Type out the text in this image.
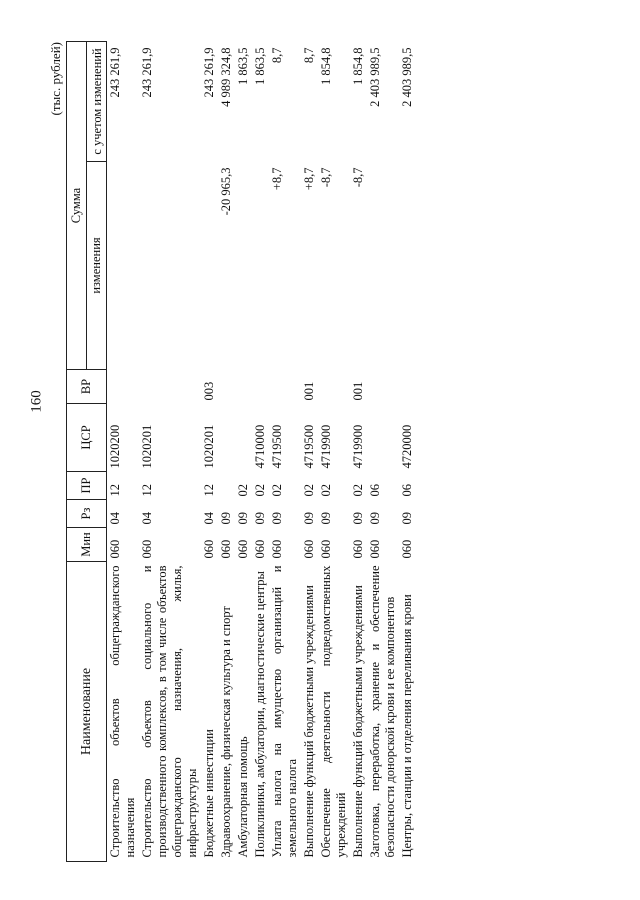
160
(тыс. рублей)
Наименование	Мин	Рз	ПР	ЦСР	ВР	Сумма	
						изменения	с учетом изменений
Строительство объектов общегражданского назначения	060	04	12	1020200			243 261,9
Строительство объектов социального и производственного комплексов, в том числе объектов общегражданского назначения, жилья, инфраструктуры	060	04	12	1020201			243 261,9
Бюджетные инвестиции	060	04	12	1020201	003		243 261,9
Здравоохранение, физическая культура и спорт	060	09				-20 965,3	4 989 324,8
Амбулаторная помощь	060	09	02				1 863,5
Поликлиники, амбулатории, диагностические центры	060	09	02	4710000			1 863,5
Уплата налога на имущество организаций и земельного налога	060	09	02	4719500		+8,7	8,7
Выполнение функций бюджетными учреждениями	060	09	02	4719500	001	+8,7	8,7
Обеспечение деятельности подведомственных учреждений	060	09	02	4719900		-8,7	1 854,8
Выполнение функций бюджетными учреждениями	060	09	02	4719900	001	-8,7	1 854,8
Заготовка, переработка, хранение и обеспечение безопасности донорской крови и ее компонентов	060	09	06				2 403 989,5
Центры, станции и отделения переливания крови	060	09	06	4720000			2 403 989,5
